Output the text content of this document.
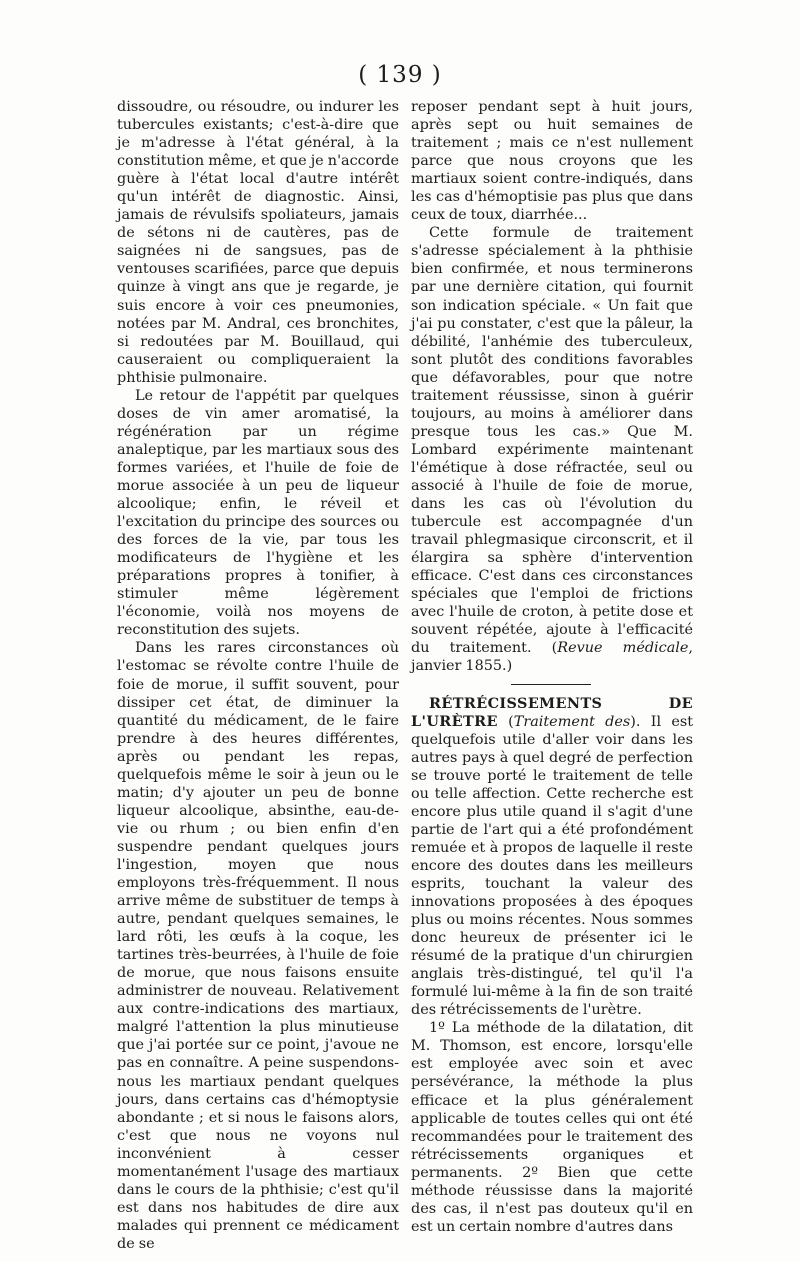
( 139 )

dissoudre, ou résoudre, ou indurer les tubercules existants; c'est-à-dire que je m'adresse à l'état général, à la constitution même, et que je n'accorde guère à l'état local d'autre intérêt qu'un intérêt de diagnostic. Ainsi, jamais de révulsifs spoliateurs, jamais de sétons ni de cautères, pas de saignées ni de sangsues, pas de ventouses scarifiées, parce que depuis quinze à vingt ans que je regarde, je suis encore à voir ces pneumonies, notées par M. Andral, ces bronchites, si redoutées par M. Bouillaud, qui causeraient ou compliqueraient la phthisie pulmonaire.

Le retour de l'appétit par quelques doses de vin amer aromatisé, la régénération par un régime analeptique, par les martiaux sous des formes variées, et l'huile de foie de morue associée à un peu de liqueur alcoolique; enfin, le réveil et l'excitation du principe des sources ou des forces de la vie, par tous les modificateurs de l'hygiène et les préparations propres à tonifier, à stimuler même légèrement l'économie, voilà nos moyens de reconstitution des sujets.

Dans les rares circonstances où l'estomac se révolte contre l'huile de foie de morue, il suffit souvent, pour dissiper cet état, de diminuer la quantité du médicament, de le faire prendre à des heures différentes, après ou pendant les repas, quelquefois même le soir à jeun ou le matin; d'y ajouter un peu de bonne liqueur alcoolique, absinthe, eau-de-vie ou rhum ; ou bien enfin d'en suspendre pendant quelques jours l'ingestion, moyen que nous employons très-fréquemment. Il nous arrive même de substituer de temps à autre, pendant quelques semaines, le lard rôti, les œufs à la coque, les tartines très-beurrées, à l'huile de foie de morue, que nous faisons ensuite administrer de nouveau. Relativement aux contre-indications des martiaux, malgré l'attention la plus minutieuse que j'ai portée sur ce point, j'avoue ne pas en connaître. A peine suspendons-nous les martiaux pendant quelques jours, dans certains cas d'hémoptysie abondante ; et si nous le faisons alors, c'est que nous ne voyons nul inconvénient à cesser momentanément l'usage des martiaux dans le cours de la phthisie; c'est qu'il est dans nos habitudes de dire aux malades qui prennent ce médicament de se

reposer pendant sept à huit jours, après sept ou huit semaines de traitement ; mais ce n'est nullement parce que nous croyons que les martiaux soient contre-indiqués, dans les cas d'hémoptisie pas plus que dans ceux de toux, diarrhée...

Cette formule de traitement s'adresse spécialement à la phthisie bien confirmée, et nous terminerons par une dernière citation, qui fournit son indication spéciale. « Un fait que j'ai pu constater, c'est que la pâleur, la débilité, l'anhémie des tuberculeux, sont plutôt des conditions favorables que défavorables, pour que notre traitement réussisse, sinon à guérir toujours, au moins à améliorer dans presque tous les cas.» Que M. Lombard expérimente maintenant l'émétique à dose réfractée, seul ou associé à l'huile de foie de morue, dans les cas où l'évolution du tubercule est accompagnée d'un travail phlegmasique circonscrit, et il élargira sa sphère d'intervention efficace. C'est dans ces circonstances spéciales que l'emploi de frictions avec l'huile de croton, à petite dose et souvent répétée, ajoute à l'efficacité du traitement. (Revue médicale, janvier 1855.)

RÉTRÉCISSEMENTS DE L'URÈTRE (Traitement des). Il est quelquefois utile d'aller voir dans les autres pays à quel degré de perfection se trouve porté le traitement de telle ou telle affection. Cette recherche est encore plus utile quand il s'agit d'une partie de l'art qui a été profondément remuée et à propos de laquelle il reste encore des doutes dans les meilleurs esprits, touchant la valeur des innovations proposées à des époques plus ou moins récentes. Nous sommes donc heureux de présenter ici le résumé de la pratique d'un chirurgien anglais très-distingué, tel qu'il l'a formulé lui-même à la fin de son traité des rétrécissements de l'urètre.

1º La méthode de la dilatation, dit M. Thomson, est encore, lorsqu'elle est employée avec soin et avec persévérance, la méthode la plus efficace et la plus généralement applicable de toutes celles qui ont été recommandées pour le traitement des rétrécissements organiques et permanents. 2º Bien que cette méthode réussisse dans la majorité des cas, il n'est pas douteux qu'il en est un certain nombre d'autres dans
